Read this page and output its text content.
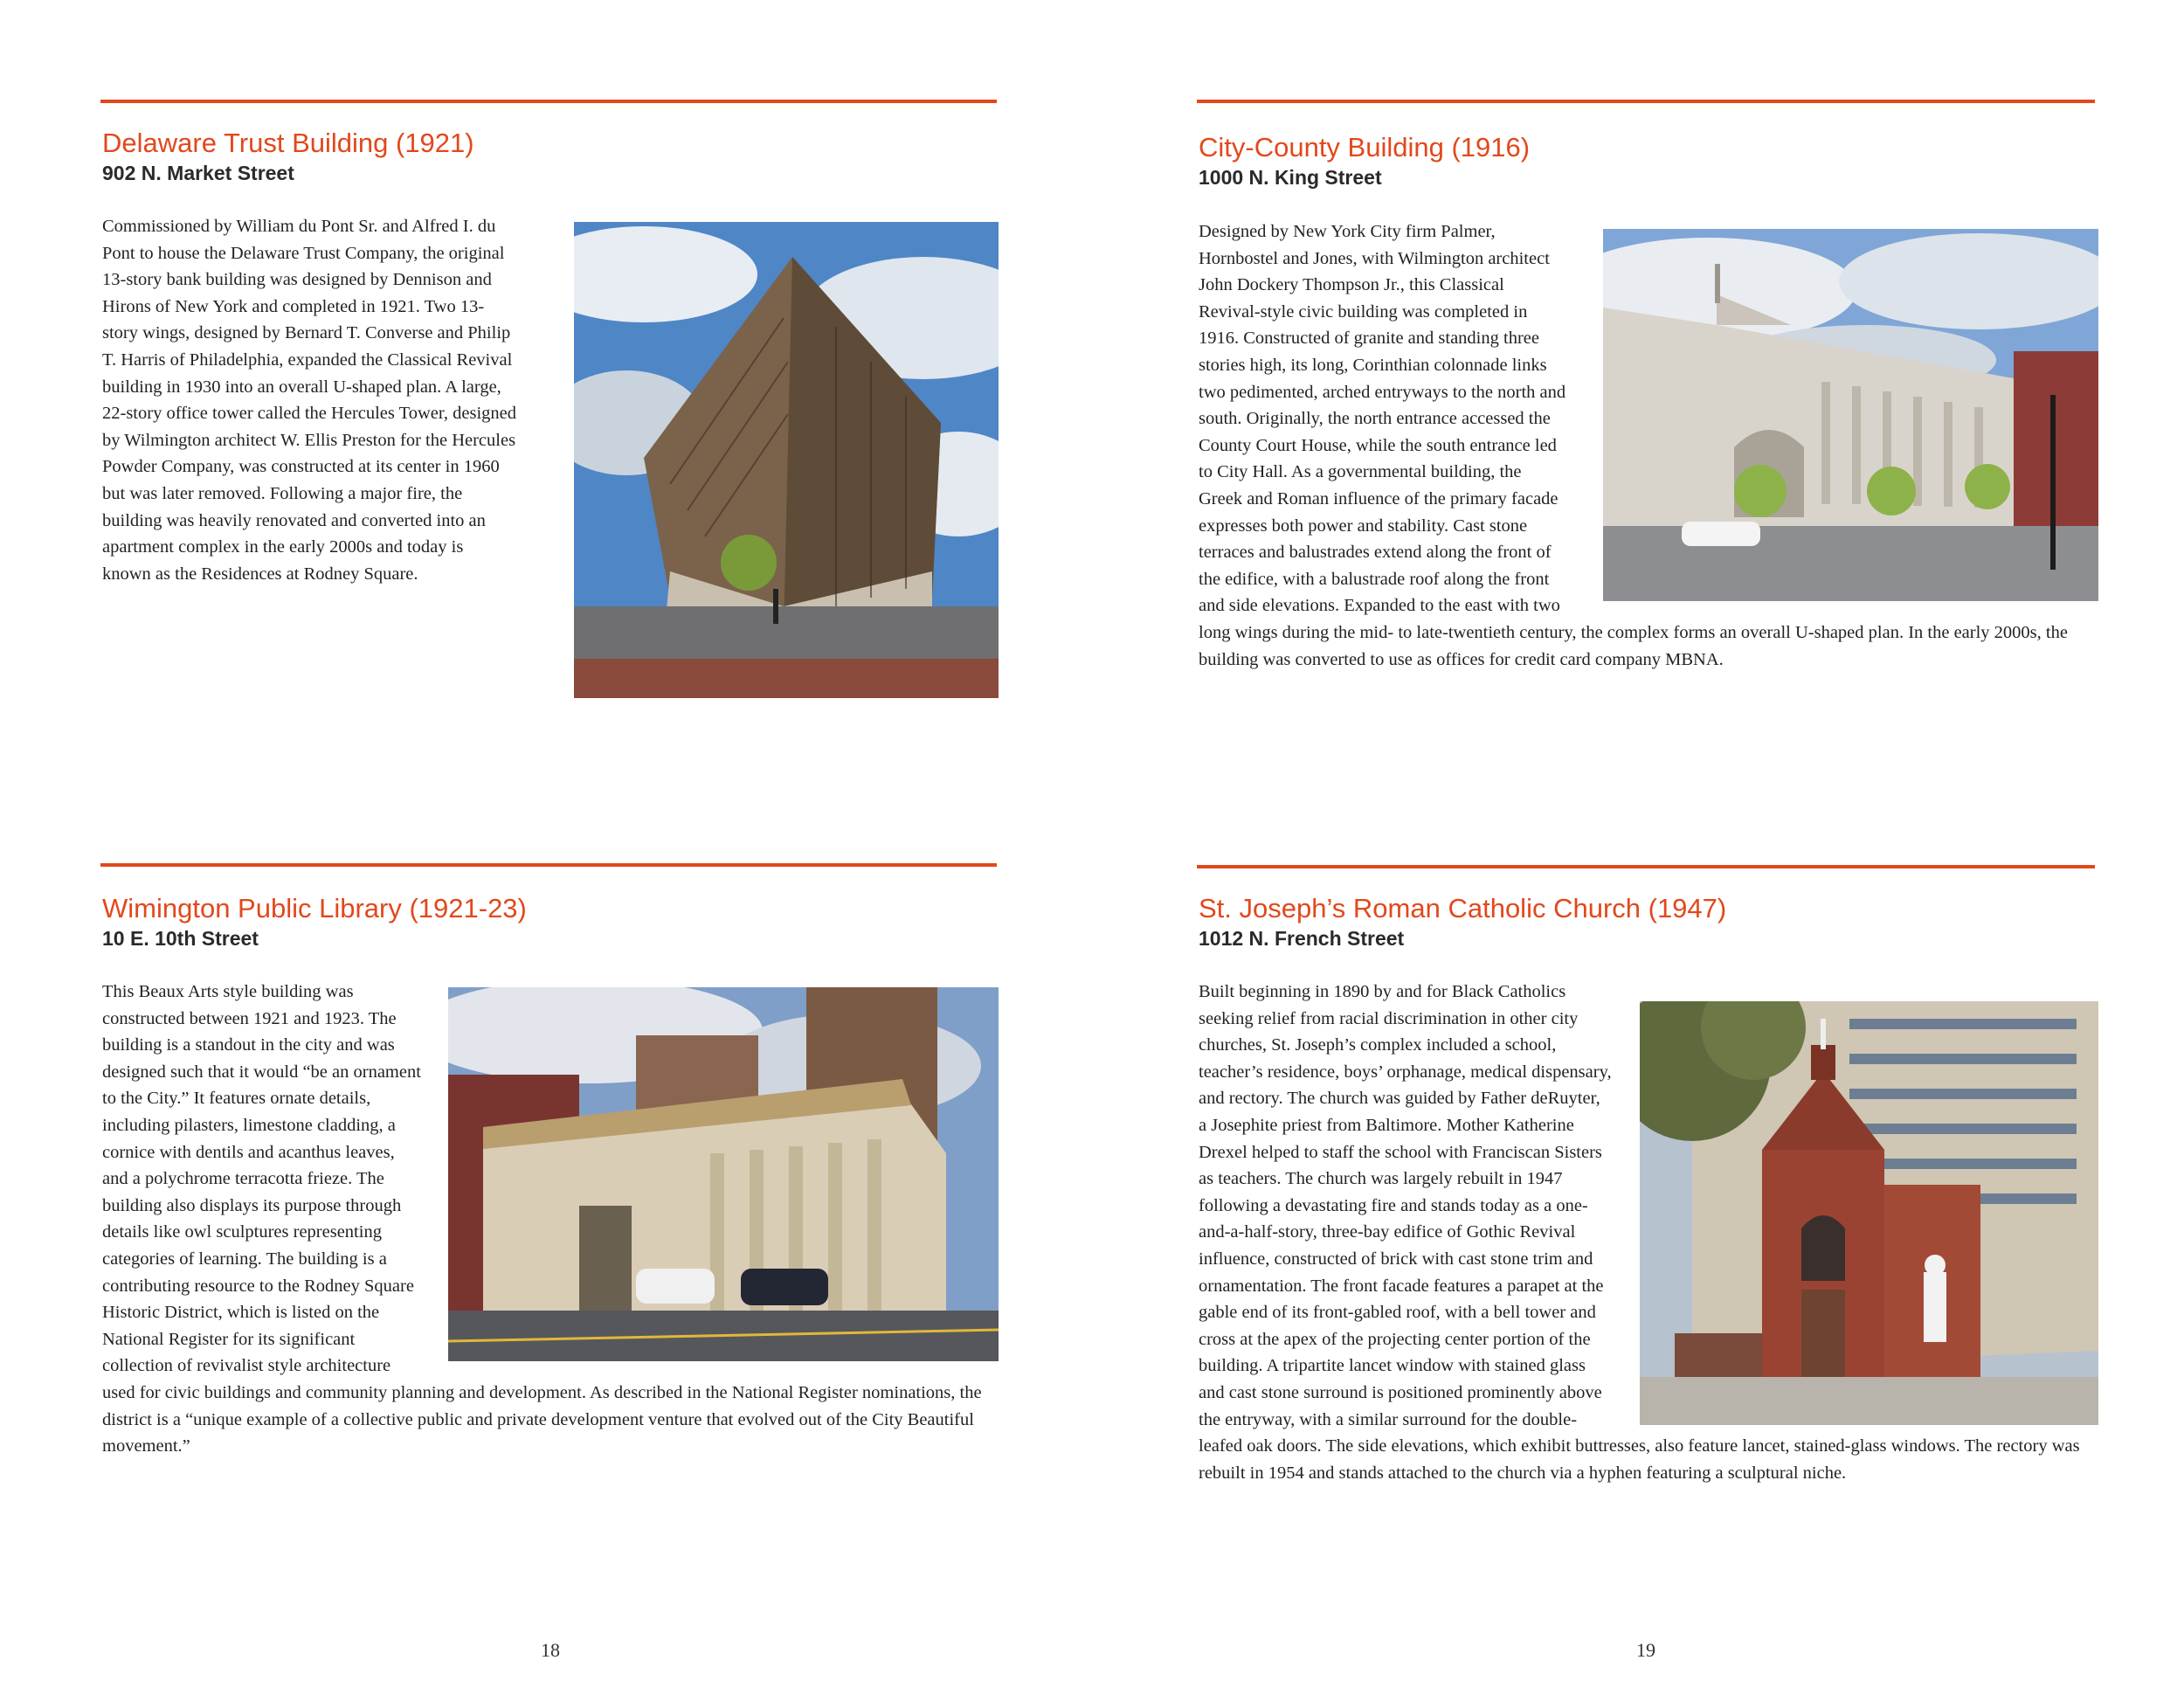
Delaware Trust Building (1921)
902 N. Market Street
Commissioned by William du Pont Sr. and Alfred I. du Pont to house the Delaware Trust Company, the original 13-story bank building was designed by Dennison and Hirons of New York and completed in 1921. Two 13-story wings, designed by Bernard T. Converse and Philip T. Harris of Philadelphia, expanded the Classical Revival building in 1930 into an overall U-shaped plan. A large, 22-story office tower called the Hercules Tower, designed by Wilmington architect W. Ellis Preston for the Hercules Powder Company, was constructed at its center in 1960 but was later removed. Following a major fire, the building was heavily renovated and converted into an apartment complex in the early 2000s and today is known as the Residences at Rodney Square.
City-County Building (1916)
1000 N. King Street
Designed by New York City firm Palmer, Hornbostel and Jones, with Wilmington architect John Dockery Thompson Jr., this Classical Revival-style civic building was completed in 1916. Constructed of granite and standing three stories high, its long, Corinthian colonnade links two pedimented, arched entryways to the north and south. Originally, the north entrance accessed the County Court House, while the south entrance led to City Hall. As a governmental building, the Greek and Roman influence of the primary facade expresses both power and stability. Cast stone terraces and balustrades extend along the front of the edifice, with a balustrade roof along the front and side elevations. Expanded to the east with two long wings during the mid- to late-twentieth century, the complex forms an overall U-shaped plan. In the early 2000s, the building was converted to use as offices for credit card company MBNA.
Wimington Public Library (1921-23)
10 E. 10th Street
This Beaux Arts style building was constructed between 1921 and 1923. The building is a standout in the city and was designed such that it would “be an ornament to the City.” It features ornate details, including pilasters, limestone cladding, a cornice with dentils and acanthus leaves, and a polychrome terracotta frieze. The building also displays its purpose through details like owl sculptures representing categories of learning. The building is a contributing resource to the Rodney Square Historic District, which is listed on the National Register for its significant collection of revivalist style architecture used for civic buildings and community planning and development. As described in the National Register nominations, the district is a “unique example of a collective public and private development venture that evolved out of the City Beautiful movement.”
St. Joseph’s Roman Catholic Church (1947)
1012 N. French Street
Built beginning in 1890 by and for Black Catholics seeking relief from racial discrimination in other city churches, St. Joseph’s complex included a school, teacher’s residence, boys’ orphanage, medical dispensary, and rectory. The church was guided by Father deRuyter, a Josephite priest from Baltimore. Mother Katherine Drexel helped to staff the school with Franciscan Sisters as teachers. The church was largely rebuilt in 1947 following a devastating fire and stands today as a one-and-a-half-story, three-bay edifice of Gothic Revival influence, constructed of brick with cast stone trim and ornamentation. The front facade features a parapet at the gable end of its front-gabled roof, with a bell tower and cross at the apex of the projecting center portion of the building. A tripartite lancet window with stained glass and cast stone surround is positioned prominently above the entryway, with a similar surround for the double-leafed oak doors. The side elevations, which exhibit buttresses, also feature lancet, stained-glass windows. The rectory was rebuilt in 1954 and stands attached to the church via a hyphen featuring a sculptural niche.
18	19
